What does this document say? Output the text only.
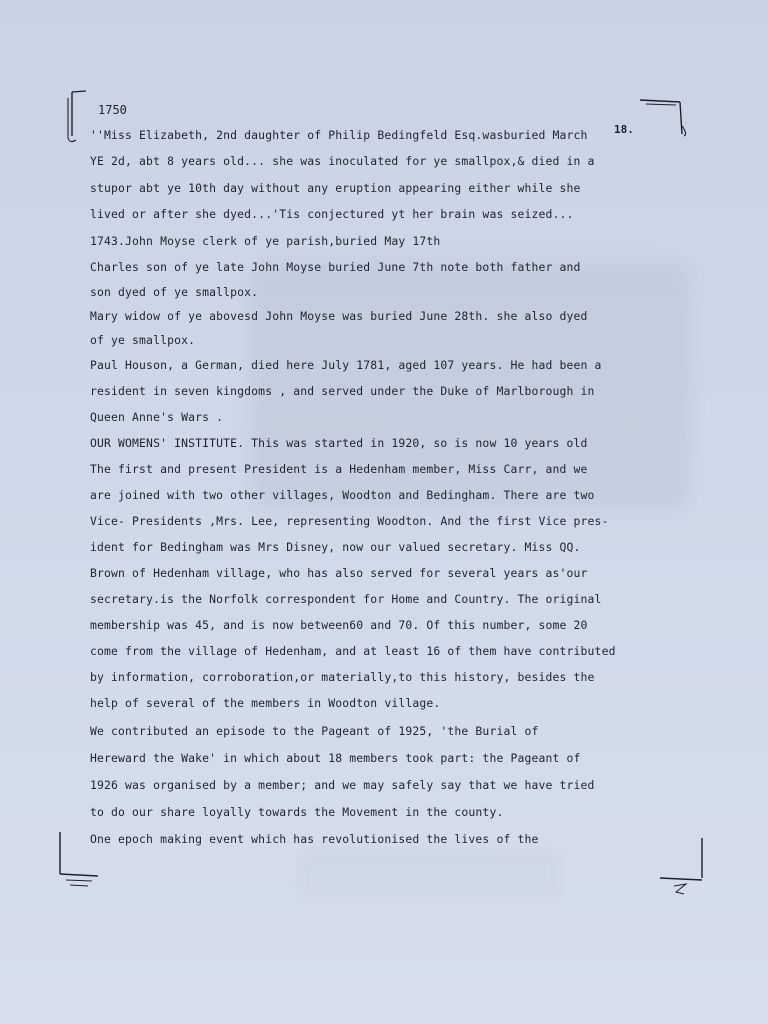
1750
18.
''Miss Elizabeth, 2nd daughter of Philip Bedingfeld Esq.wasburied March
YE 2d, abt 8 years old... she was inoculated for ye smallpox,& died in a
stupor abt ye 10th day without any eruption appearing either while she
lived or after she dyed...'Tis conjectured yt her brain was seized...
1743.John Moyse clerk of ye parish,buried May 17th
Charles son of ye late John Moyse buried June 7th note both father and
son dyed of ye smallpox.
Mary widow of ye abovesd John Moyse was buried June 28th. she also dyed
of ye smallpox.
Paul Houson, a German, died here July 1781, aged 107 years. He had been a
resident in seven kingdoms , and served under the Duke of Marlborough in
Queen Anne's Wars .
OUR WOMENS' INSTITUTE. This was started in 1920, so is now 10 years old
The first and present President is a Hedenham member, Miss Carr, and we
are joined with two other villages, Woodton and Bedingham. There are two
Vice- Presidents ,Mrs. Lee, representing Woodton. And the first Vice pres-
ident for Bedingham was Mrs Disney, now our valued secretary. Miss QQ.
Brown of Hedenham village, who has also served for several years as'our
secretary.is the Norfolk correspondent for Home and Country. The original
membership was 45, and is now between60 and 70. Of this number, some 20
come from the village of Hedenham, and at least 16 of them have contributed
by information, corroboration,or materially,to this history, besides the
help of several of the members in Woodton village.
We contributed an episode to the Pageant of 1925, 'the Burial of
Hereward the Wake' in which about 18 members took part: the Pageant of
1926 was organised by a member; and we may safely say that we have tried
to do our share loyally towards the Movement in the county.
One epoch making event which has revolutionised the lives of the
